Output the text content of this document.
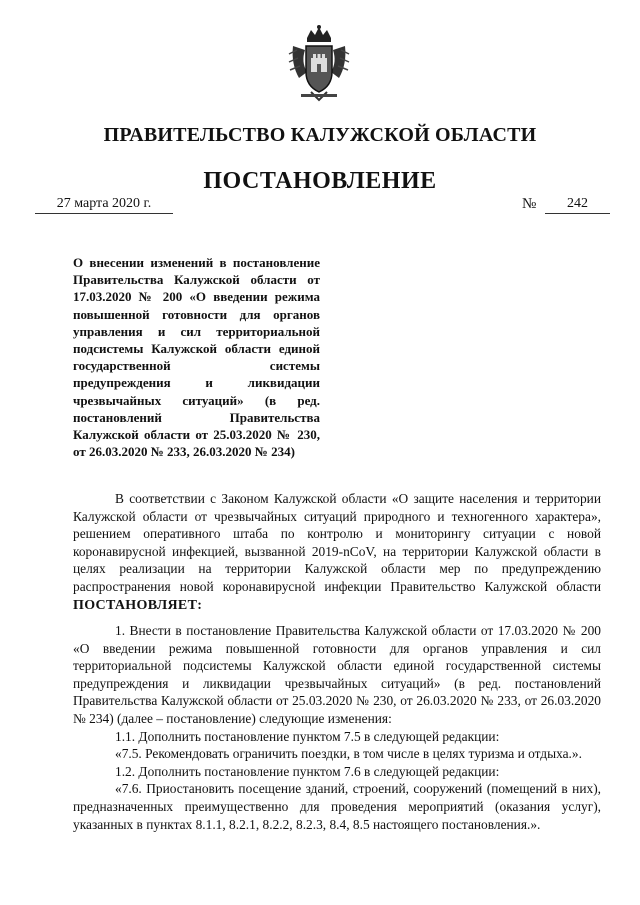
ПРАВИТЕЛЬСТВО КАЛУЖСКОЙ ОБЛАСТИ
ПОСТАНОВЛЕНИЕ
27 марта 2020 г.	№	242
О внесении изменений в постановление Правительства Калужской области от 17.03.2020 № 200 «О введении режима повышенной готовности для органов управления и сил территориальной подсистемы Калужской области единой государственной системы предупреждения и ликвидации чрезвычайных ситуаций» (в ред. постановлений Правительства Калужской области от 25.03.2020 № 230, от 26.03.2020 № 233, 26.03.2020 № 234)
В соответствии с Законом Калужской области «О защите населения и территории Калужской области от чрезвычайных ситуаций природного и техногенного характера», решением оперативного штаба по контролю и мониторингу ситуации с новой коронавирусной инфекцией, вызванной 2019-nCoV, на территории Калужской области в целях реализации на территории Калужской области мер по предупреждению распространения новой коронавирусной инфекции Правительство Калужской области ПОСТАНОВЛЯЕТ:
1. Внести в постановление Правительства Калужской области от 17.03.2020 № 200 «О введении режима повышенной готовности для органов управления и сил территориальной подсистемы Калужской области единой государственной системы предупреждения и ликвидации чрезвычайных ситуаций» (в ред. постановлений Правительства Калужской области от 25.03.2020 № 230, от 26.03.2020 № 233, от 26.03.2020 № 234) (далее – постановление) следующие изменения:
1.1. Дополнить постановление пунктом 7.5 в следующей редакции:
«7.5. Рекомендовать ограничить поездки, в том числе в целях туризма и отдыха.».
1.2. Дополнить постановление пунктом 7.6 в следующей редакции:
«7.6. Приостановить посещение зданий, строений, сооружений (помещений в них), предназначенных преимущественно для проведения мероприятий (оказания услуг), указанных в пунктах 8.1.1, 8.2.1, 8.2.2, 8.2.3, 8.4, 8.5 настоящего постановления.».
